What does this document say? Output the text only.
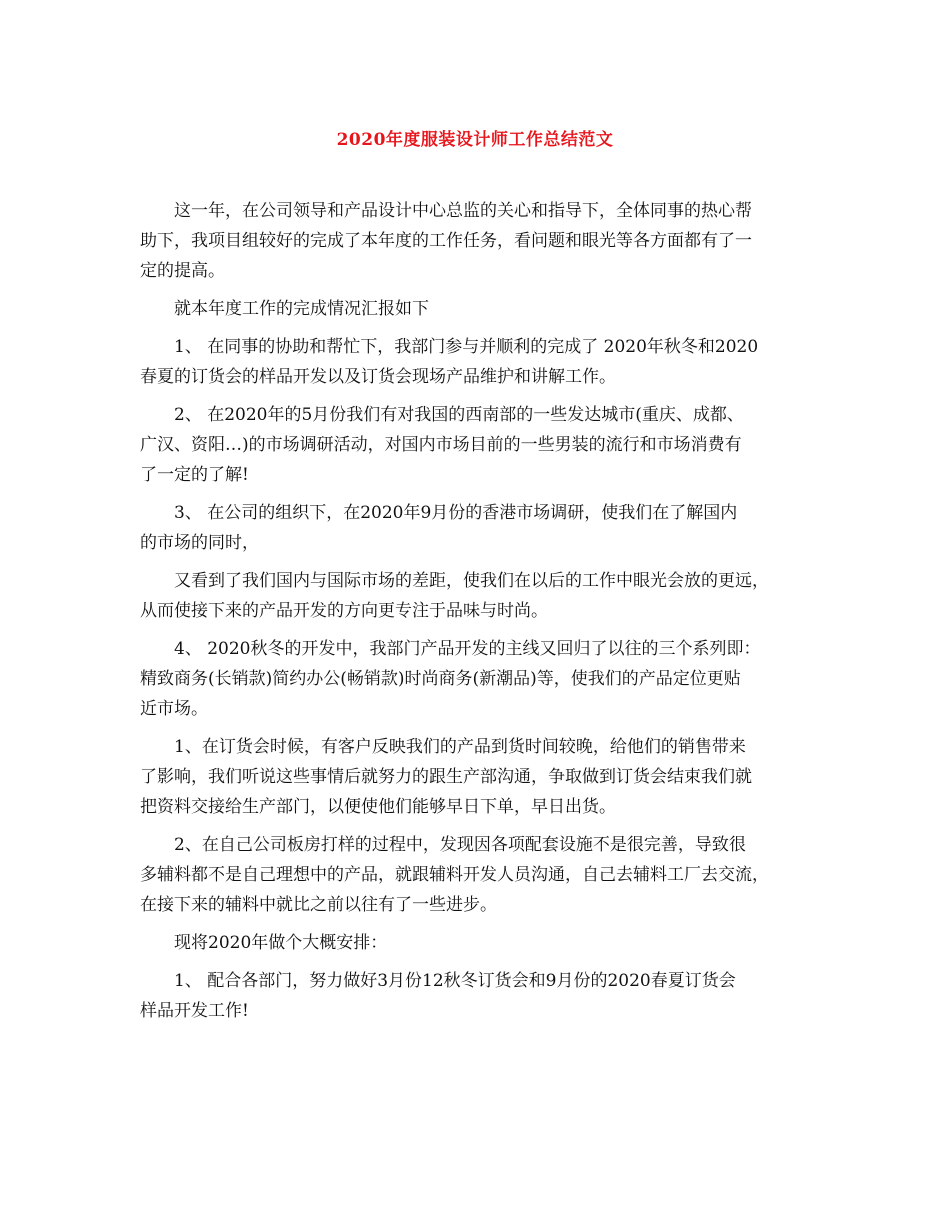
2020年度服装设计师工作总结范文
这一年，在公司领导和产品设计中心总监的关心和指导下，全体同事的热心帮
助下，我项目组较好的完成了本年度的工作任务，看问题和眼光等各方面都有了一
定的提高。
就本年度工作的完成情况汇报如下
1、 在同事的协助和帮忙下，我部门参与并顺利的完成了 2020年秋冬和2020
春夏的订货会的样品开发以及订货会现场产品维护和讲解工作。
2、 在2020年的5月份我们有对我国的西南部的一些发达城市(重庆、成都、
广汉、资阳…)的市场调研活动，对国内市场目前的一些男装的流行和市场消费有
了一定的了解!
3、 在公司的组织下，在2020年9月份的香港市场调研，使我们在了解国内
的市场的同时，
又看到了我们国内与国际市场的差距，使我们在以后的工作中眼光会放的更远，
从而使接下来的产品开发的方向更专注于品味与时尚。
4、 2020秋冬的开发中，我部门产品开发的主线又回归了以往的三个系列即：
精致商务(长销款)简约办公(畅销款)时尚商务(新潮品)等，使我们的产品定位更贴
近市场。
1、在订货会时候，有客户反映我们的产品到货时间较晚，给他们的销售带来
了影响，我们听说这些事情后就努力的跟生产部沟通，争取做到订货会结束我们就
把资料交接给生产部门，以便使他们能够早日下单，早日出货。
2、在自己公司板房打样的过程中，发现因各项配套设施不是很完善，导致很
多辅料都不是自己理想中的产品，就跟辅料开发人员沟通，自己去辅料工厂去交流，
在接下来的辅料中就比之前以往有了一些进步。
现将2020年做个大概安排：
1、 配合各部门，努力做好3月份12秋冬订货会和9月份的2020春夏订货会
样品开发工作!
